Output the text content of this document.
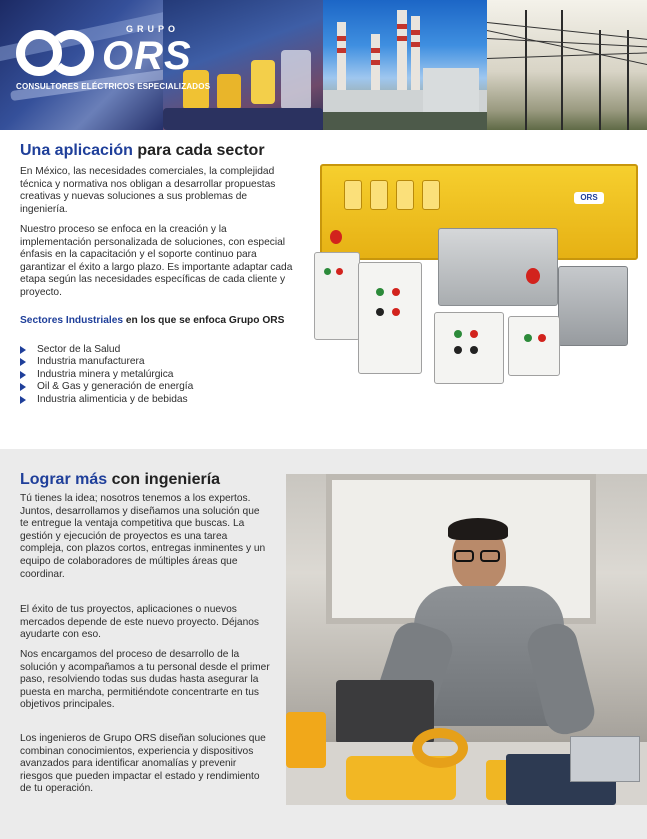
GRUPO
ORS
CONSULTORES ELÉCTRICOS ESPECIALIZADOS
Una aplicación para cada sector
En México, las necesidades comerciales, la complejidad técnica y normativa nos obligan a desarrollar propuestas creativas y nuevas soluciones a sus problemas de ingeniería.
Nuestro proceso se enfoca en la creación y la implementación personalizada de soluciones, con especial énfasis en la capacitación y el soporte continuo para garantizar el éxito a largo plazo. Es importante adaptar cada etapa según las necesidades específicas de cada cliente y proyecto.
Sectores Industriales en los que se enfoca Grupo ORS
Sector de la Salud
Industria manufacturera
Industria minera y metalúrgica
Oil & Gas y generación de energía
Industria alimenticia y de bebidas
ORS
Lograr más con ingeniería
Tú tienes la idea; nosotros tenemos a los expertos. Juntos, desarrollamos y diseñamos una solución que te entregue la ventaja competitiva que buscas. La gestión y ejecución de proyectos es una tarea compleja, con plazos cortos, entregas inminentes y un equipo de colaboradores de múltiples áreas que coordinar.
El éxito de tus proyectos, aplicaciones o nuevos mercados depende de este nuevo proyecto. Déjanos ayudarte con eso.
Nos encargamos del proceso de desarrollo de la solución y acompañamos a tu personal desde el primer paso, resolviendo todas sus dudas hasta asegurar la puesta en marcha, permitiéndote concentrarte en tus objetivos principales.
Los ingenieros de Grupo ORS diseñan soluciones que combinan conocimientos, experiencia y dispositivos avanzados para identificar anomalías y prevenir riesgos que pueden impactar el estado y rendimiento de tu operación.
